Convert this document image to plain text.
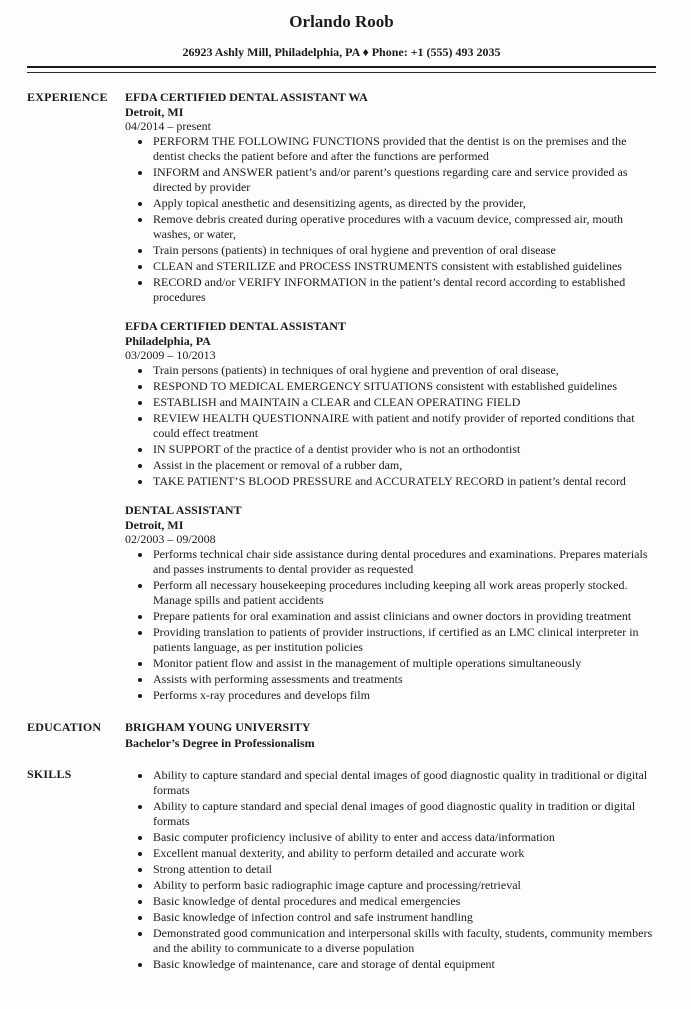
Orlando Roob
26923 Ashly Mill, Philadelphia, PA ♦ Phone: +1 (555) 493 2035
EXPERIENCE	EFDA CERTIFIED DENTAL ASSISTANT WA
Detroit, MI
04/2014 – present
• PERFORM THE FOLLOWING FUNCTIONS provided that the dentist is on the premises and the dentist checks the patient before and after the functions are performed
• INFORM and ANSWER patient’s and/or parent’s questions regarding care and service provided as directed by provider
• Apply topical anesthetic and desensitizing agents, as directed by the provider,
• Remove debris created during operative procedures with a vacuum device, compressed air, mouth washes, or water,
• Train persons (patients) in techniques of oral hygiene and prevention of oral disease
• CLEAN and STERILIZE and PROCESS INSTRUMENTS consistent with established guidelines
• RECORD and/or VERIFY INFORMATION in the patient’s dental record according to established procedures
EFDA CERTIFIED DENTAL ASSISTANT
Philadelphia, PA
03/2009 – 10/2013
• Train persons (patients) in techniques of oral hygiene and prevention of oral disease,
• RESPOND TO MEDICAL EMERGENCY SITUATIONS consistent with established guidelines
• ESTABLISH and MAINTAIN a CLEAR and CLEAN OPERATING FIELD
• REVIEW HEALTH QUESTIONNAIRE with patient and notify provider of reported conditions that could effect treatment
• IN SUPPORT of the practice of a dentist provider who is not an orthodontist
• Assist in the placement or removal of a rubber dam,
• TAKE PATIENT’S BLOOD PRESSURE and ACCURATELY RECORD in patient’s dental record
DENTAL ASSISTANT
Detroit, MI
02/2003 – 09/2008
• Performs technical chair side assistance during dental procedures and examinations. Prepares materials and passes instruments to dental provider as requested
• Perform all necessary housekeeping procedures including keeping all work areas properly stocked. Manage spills and patient accidents
• Prepare patients for oral examination and assist clinicians and owner doctors in providing treatment
• Providing translation to patients of provider instructions, if certified as an LMC clinical interpreter in patients language, as per institution policies
• Monitor patient flow and assist in the management of multiple operations simultaneously
• Assists with performing assessments and treatments
• Performs x-ray procedures and develops film
EDUCATION	BRIGHAM YOUNG UNIVERSITY
Bachelor’s Degree in Professionalism
SKILLS	• Ability to capture standard and special dental images of good diagnostic quality in traditional or digital formats
• Ability to capture standard and special denal images of good diagnostic quality in tradition or digital formats
• Basic computer proficiency inclusive of ability to enter and access data/information
• Excellent manual dexterity, and ability to perform detailed and accurate work
• Strong attention to detail
• Ability to perform basic radiographic image capture and processing/retrieval
• Basic knowledge of dental procedures and medical emergencies
• Basic knowledge of infection control and safe instrument handling
• Demonstrated good communication and interpersonal skills with faculty, students, community members and the ability to communicate to a diverse population
• Basic knowledge of maintenance, care and storage of dental equipment
